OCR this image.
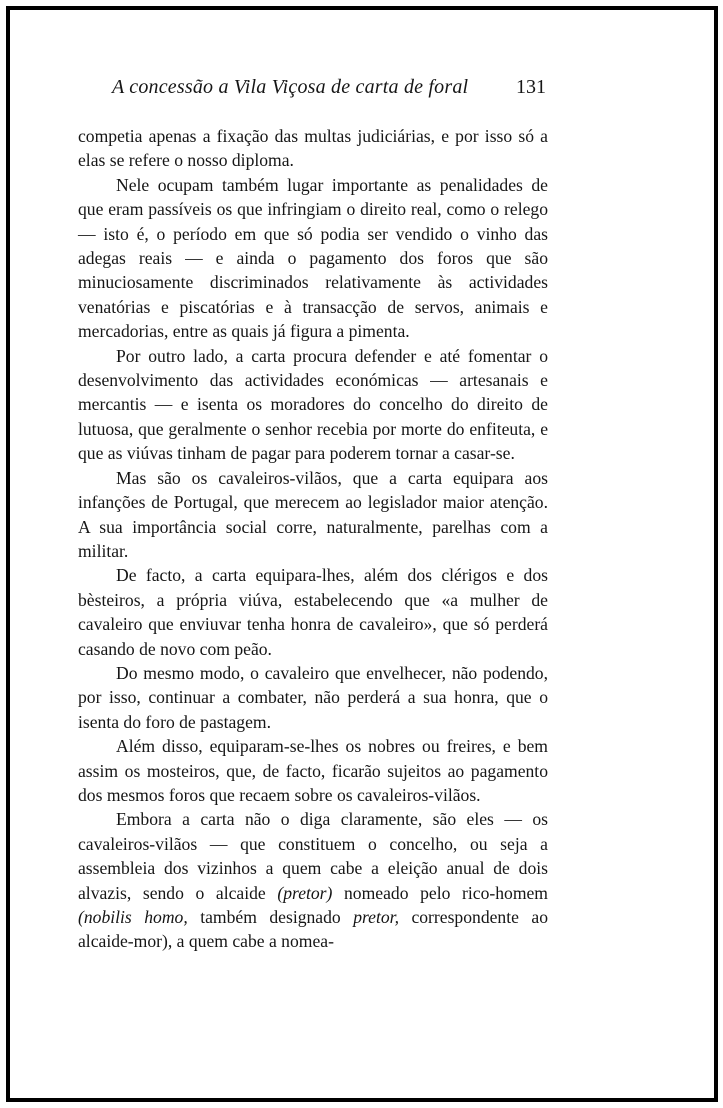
A concessão a Vila Viçosa de carta de foral 131

competia apenas a fixação das multas judiciárias, e por isso só a elas se refere o nosso diploma.

Nele ocupam também lugar importante as penalidades de que eram passíveis os que infringiam o direito real, como o relego — isto é, o período em que só podia ser vendido o vinho das adegas reais — e ainda o pagamento dos foros que são minuciosamente discriminados relativamente às actividades venatórias e piscatórias e à transacção de servos, animais e mercadorias, entre as quais já figura a pimenta.

Por outro lado, a carta procura defender e até fomentar o desenvolvimento das actividades económicas — artesanais e mercantis — e isenta os moradores do concelho do direito de lutuosa, que geralmente o senhor recebia por morte do enfiteuta, e que as viúvas tinham de pagar para poderem tornar a casar-se.

Mas são os cavaleiros-vilãos, que a carta equipara aos infanções de Portugal, que merecem ao legislador maior atenção. A sua importância social corre, naturalmente, parelhas com a militar.

De facto, a carta equipara-lhes, além dos clérigos e dos bèsteiros, a própria viúva, estabelecendo que «a mulher de cavaleiro que enviuvar tenha honra de cavaleiro», que só perderá casando de novo com peão.

Do mesmo modo, o cavaleiro que envelhecer, não podendo, por isso, continuar a combater, não perderá a sua honra, que o isenta do foro de pastagem.

Além disso, equiparam-se-lhes os nobres ou freires, e bem assim os mosteiros, que, de facto, ficarão sujeitos ao pagamento dos mesmos foros que recaem sobre os cavaleiros-vilãos.

Embora a carta não o diga claramente, são eles — os cavaleiros-vilãos — que constituem o concelho, ou seja a assembleia dos vizinhos a quem cabe a eleição anual de dois alvazis, sendo o alcaide (pretor) nomeado pelo rico-homem (nobilis homo, também designado pretor, correspondente ao alcaide-mor), a quem cabe a nomea-
